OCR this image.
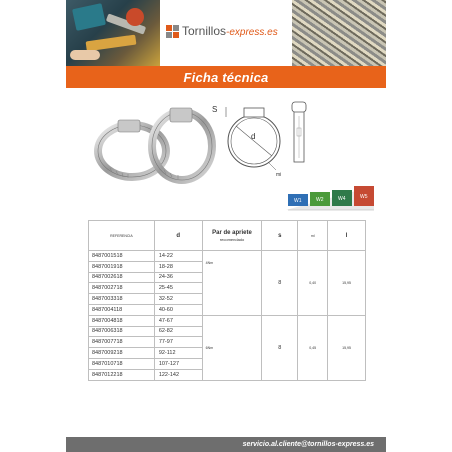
Tornillos-express.es
Ficha técnica
d
S
mi
W1	W2	W4	W5
REFERENCIA	d	Par de apriete
recomendado	s	ml	l
8487001518	14-22	4Nm	8	0,40	15,95
8487001918	18-28				
8487002618	24-36				
8487002718	25-45				
8487003318	32-52				
8487004118	40-60				
8487004818	47-67	6Nm	8	0,45	15,95
8487006318	62-82				
8487007718	77-97				
8487009218	92-112				
8487010718	107-127				
8487012218	122-142				
servicio.al.cliente@tornillos-express.es
